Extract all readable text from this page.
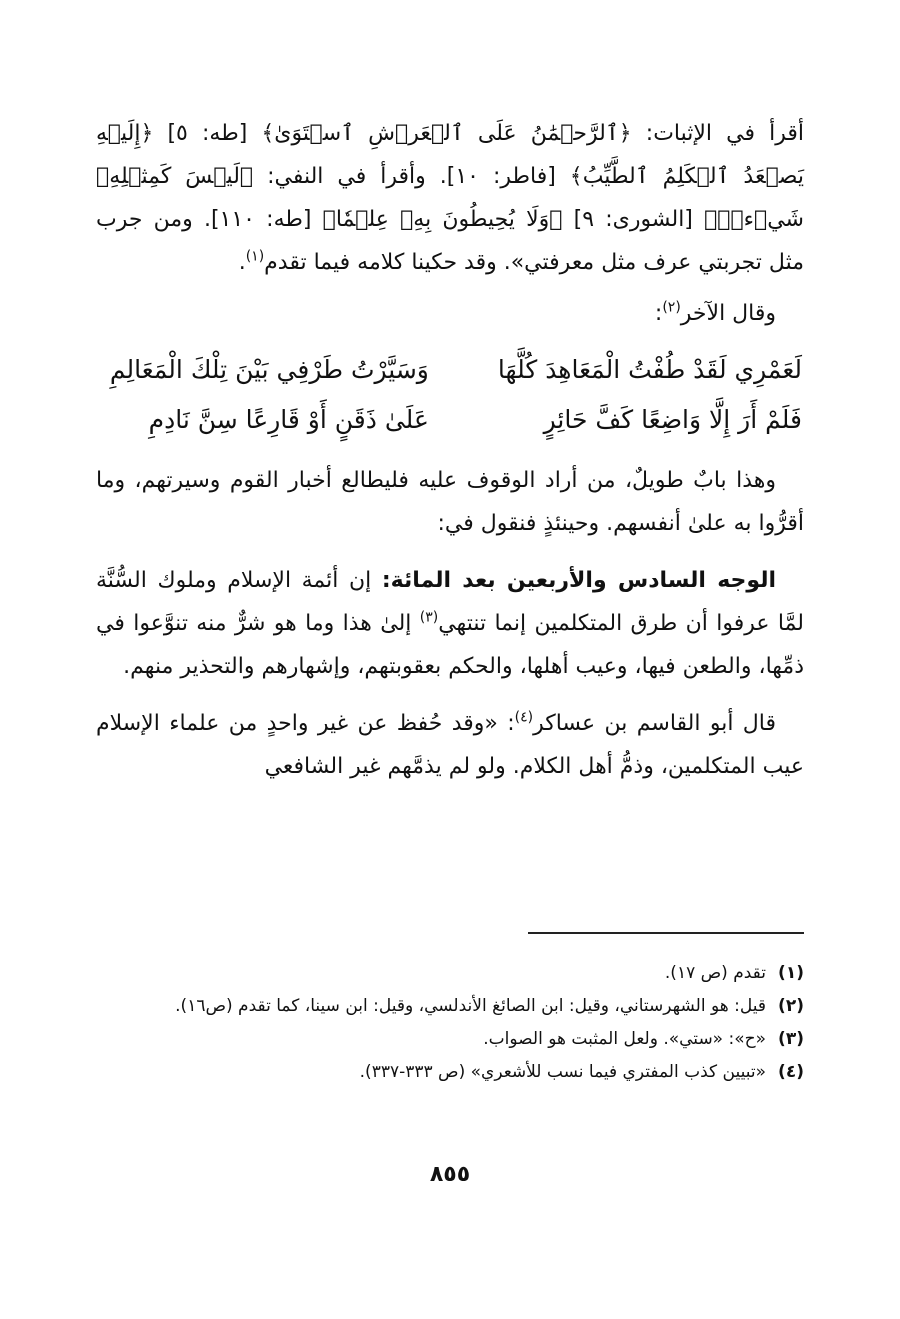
أقرأ في الإثبات: ﴿ٱلرَّحۡمَٰنُ عَلَى ٱلۡعَرۡشِ ٱسۡتَوَىٰ﴾ [طه: ٥] ﴿إِلَيۡهِ يَصۡعَدُ ٱلۡكَلِمُ ٱلطَّيِّبُ﴾ [فاطر: ١٠]. وأقرأ في النفي: ﴿لَيۡسَ كَمِثۡلِهِۦ شَيۡءٞۖ﴾ [الشورى: ٩] ﴿وَلَا يُحِيطُونَ بِهِۦ عِلۡمٗا﴾ [طه: ١١٠]. ومن جرب مثل تجربتي عرف مثل معرفتي». وقد حكينا كلامه فيما تقدم$^{(١)}$.

وقال الآخر$^{(٢)}$:

لَعَمْرِي لَقَدْ طُفْتُ الْمَعَاهِدَ كُلَّهَا
وَسَيَّرْتُ طَرْفِي بَيْنَ تِلْكَ الْمَعَالِمِ
فَلَمْ أَرَ إِلَّا وَاضِعًا كَفَّ حَائِرٍ
عَلَىٰ ذَقَنٍ أَوْ قَارِعًا سِنَّ نَادِمِ

وهذا بابٌ طويلٌ، من أراد الوقوف عليه فليطالع أخبار القوم وسيرتهم، وما أقرُّوا به علىٰ أنفسهم. وحينئذٍ فنقول في:

الوجه السادس والأربعين بعد المائة: إن أئمة الإسلام وملوك السُّنَّة لمَّا عرفوا أن طرق المتكلمين إنما تنتهي$^{(٣)}$ إلىٰ هذا وما هو شرٌّ منه تنوَّعوا في ذمِّها، والطعن فيها، وعيب أهلها، والحكم بعقوبتهم، وإشهارهم والتحذير منهم.

قال أبو القاسم بن عساكر$^{(٤)}$: «وقد حُفظ عن غير واحدٍ من علماء الإسلام عيب المتكلمين، وذمُّ أهل الكلام. ولو لم يذمَّهم غير الشافعي

(١)
تقدم (ص ١٧).
(٢)
قيل: هو الشهرستاني، وقيل: ابن الصائغ الأندلسي، وقيل: ابن سينا، كما تقدم (ص١٦).
(٣)
«ح»: «ستي». ولعل المثبت هو الصواب.
(٤)
«تبيين كذب المفتري فيما نسب للأشعري» (ص ٣٣٣-٣٣٧).
٨٥٥
